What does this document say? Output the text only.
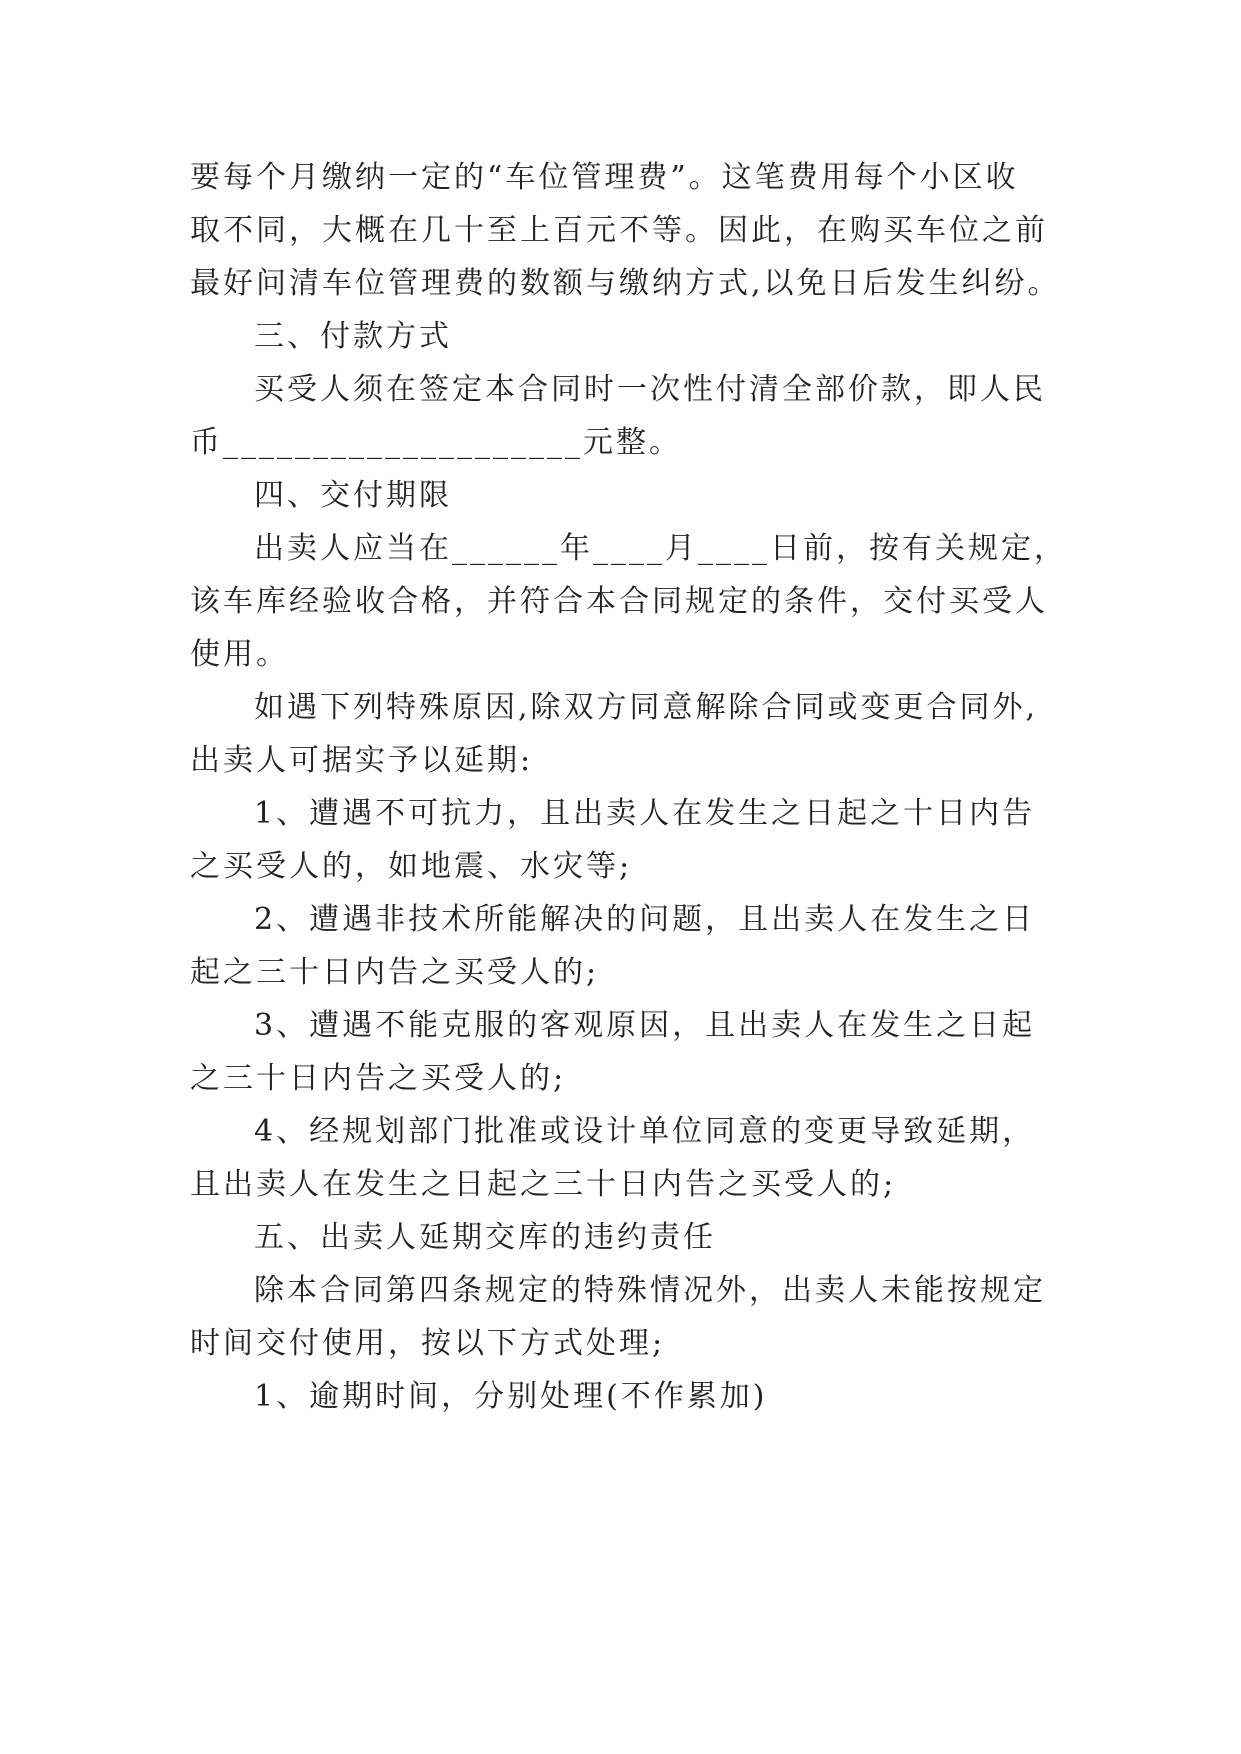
要每个月缴纳一定的“车位管理费”。这笔费用每个小区收
取不同，大概在几十至上百元不等。因此，在购买车位之前
最好问清车位管理费的数额与缴纳方式,以免日后发生纠纷。
三、付款方式
买受人须在签定本合同时一次性付清全部价款，即人民
币____________________元整。
四、交付期限
出卖人应当在______年____月____日前，按有关规定，
该车库经验收合格，并符合本合同规定的条件，交付买受人
使用。
如遇下列特殊原因,除双方同意解除合同或变更合同外,
出卖人可据实予以延期:
1、遭遇不可抗力，且出卖人在发生之日起之十日内告
之买受人的，如地震、水灾等;
2、遭遇非技术所能解决的问题，且出卖人在发生之日
起之三十日内告之买受人的;
3、遭遇不能克服的客观原因，且出卖人在发生之日起
之三十日内告之买受人的;
4、经规划部门批准或设计单位同意的变更导致延期，
且出卖人在发生之日起之三十日内告之买受人的;
五、出卖人延期交库的违约责任
除本合同第四条规定的特殊情况外，出卖人未能按规定
时间交付使用，按以下方式处理;
1、逾期时间，分别处理(不作累加)
